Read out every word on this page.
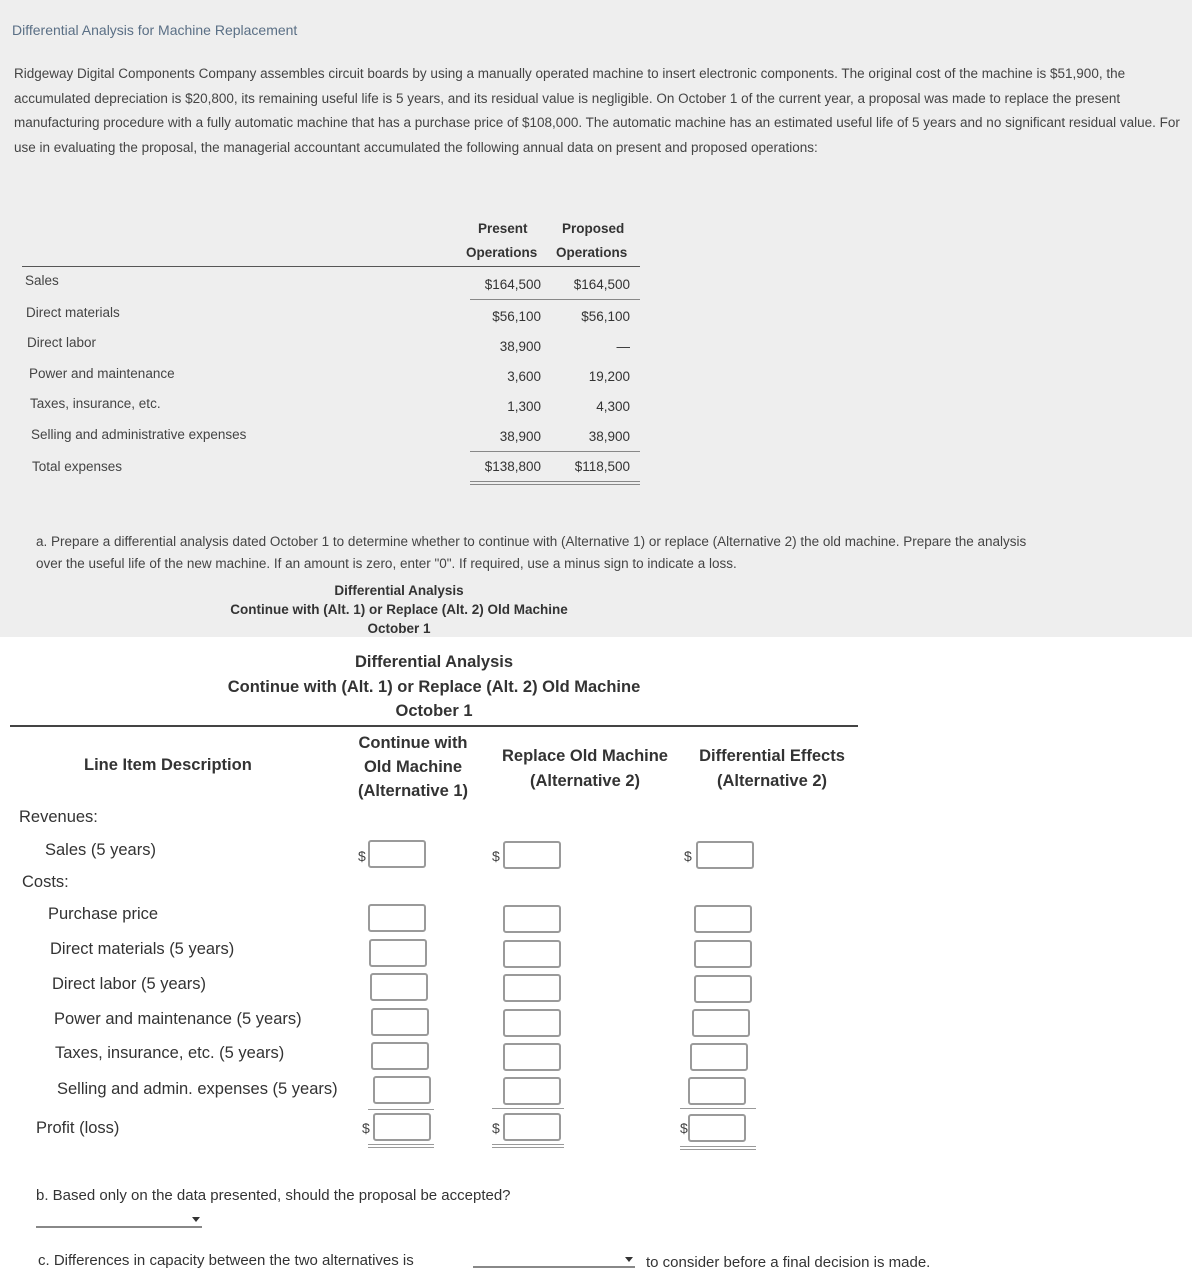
Differential Analysis for Machine Replacement
Ridgeway Digital Components Company assembles circuit boards by using a manually operated machine to insert electronic components. The original cost of the machine is $51,900, the accumulated depreciation is $20,800, its remaining useful life is 5 years, and its residual value is negligible. On October 1 of the current year, a proposal was made to replace the present manufacturing procedure with a fully automatic machine that has a purchase price of $108,000. The automatic machine has an estimated useful life of 5 years and no significant residual value. For use in evaluating the proposal, the managerial accountant accumulated the following annual data on present and proposed operations:
Present	Proposed
Operations Operations
Sales	$164,500	$164,500
Direct materials	$56,100	$56,100
Direct labor	38,900	—
Power and maintenance	3,600	19,200
Taxes, insurance, etc.	1,300	4,300
Selling and administrative expenses	38,900	38,900
Total expenses	$138,800	$118,500
a. Prepare a differential analysis dated October 1 to determine whether to continue with (Alternative 1) or replace (Alternative 2) the old machine. Prepare the analysis
over the useful life of the new machine. If an amount is zero, enter "0". If required, use a minus sign to indicate a loss.
Differential Analysis
Continue with (Alt. 1) or Replace (Alt. 2) Old Machine
October 1
Differential Analysis
Continue with (Alt. 1) or Replace (Alt. 2) Old Machine
October 1
Line Item Description
Continue with
Old Machine
(Alternative 1)
Replace Old Machine
(Alternative 2)
Differential Effects
(Alternative 2)
Revenues:
Sales (5 years)	$	$	$
Costs:
Purchase price
Direct materials (5 years)
Direct labor (5 years)
Power and maintenance (5 years)
Taxes, insurance, etc. (5 years)
Selling and admin. expenses (5 years)
Profit (loss)	$	$	$
b. Based only on the data presented, should the proposal be accepted?
c. Differences in capacity between the two alternatives is	to consider before a final decision is made.
